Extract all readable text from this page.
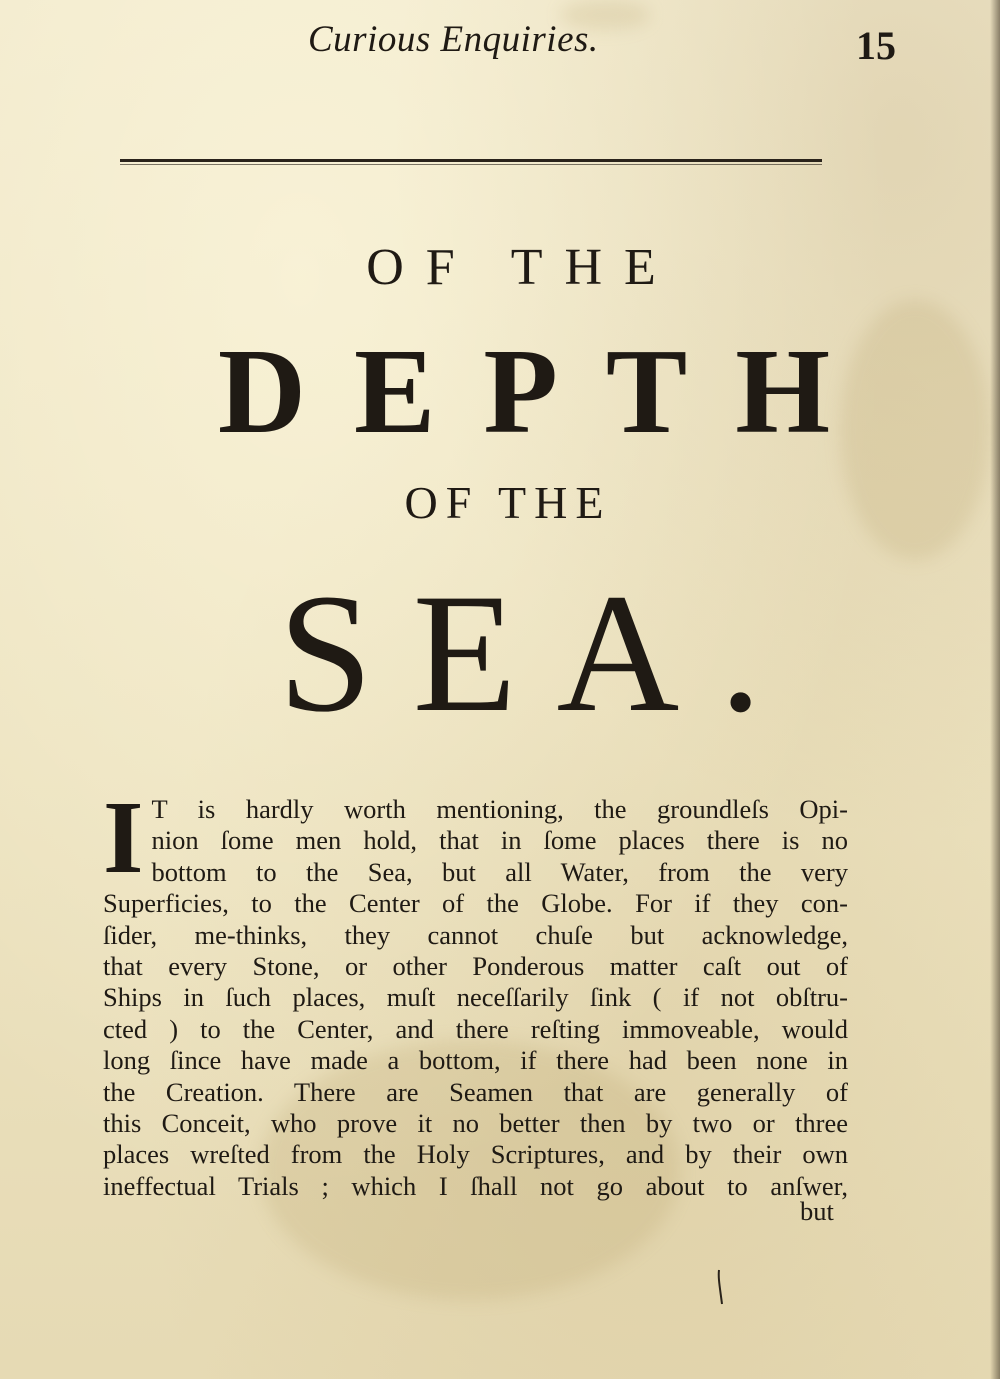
Curious Enquiries.	15
OF THE
DEPTH
OF THE
SEA.
I T is hardly worth mentioning, the groundleſs Opi-
nion ſome men hold, that in ſome places there is no
bottom to the Sea, but all Water, from the very
Superficies, to the Center of the Globe. For if they con-
ſider, me-thinks, they cannot chuſe but acknowledge,
that every Stone, or other Ponderous matter caſt out of
Ships in ſuch places, muſt neceſſarily ſink ( if not obſtru-
cted ) to the Center, and there reſting immoveable, would
long ſince have made a bottom, if there had been none in
the Creation. There are Seamen that are generally of
this Conceit, who prove it no better then by two or three
places wreſted from the Holy Scriptures, and by their own
ineffectual Trials ; which I ſhall not go about to anſwer,
but
